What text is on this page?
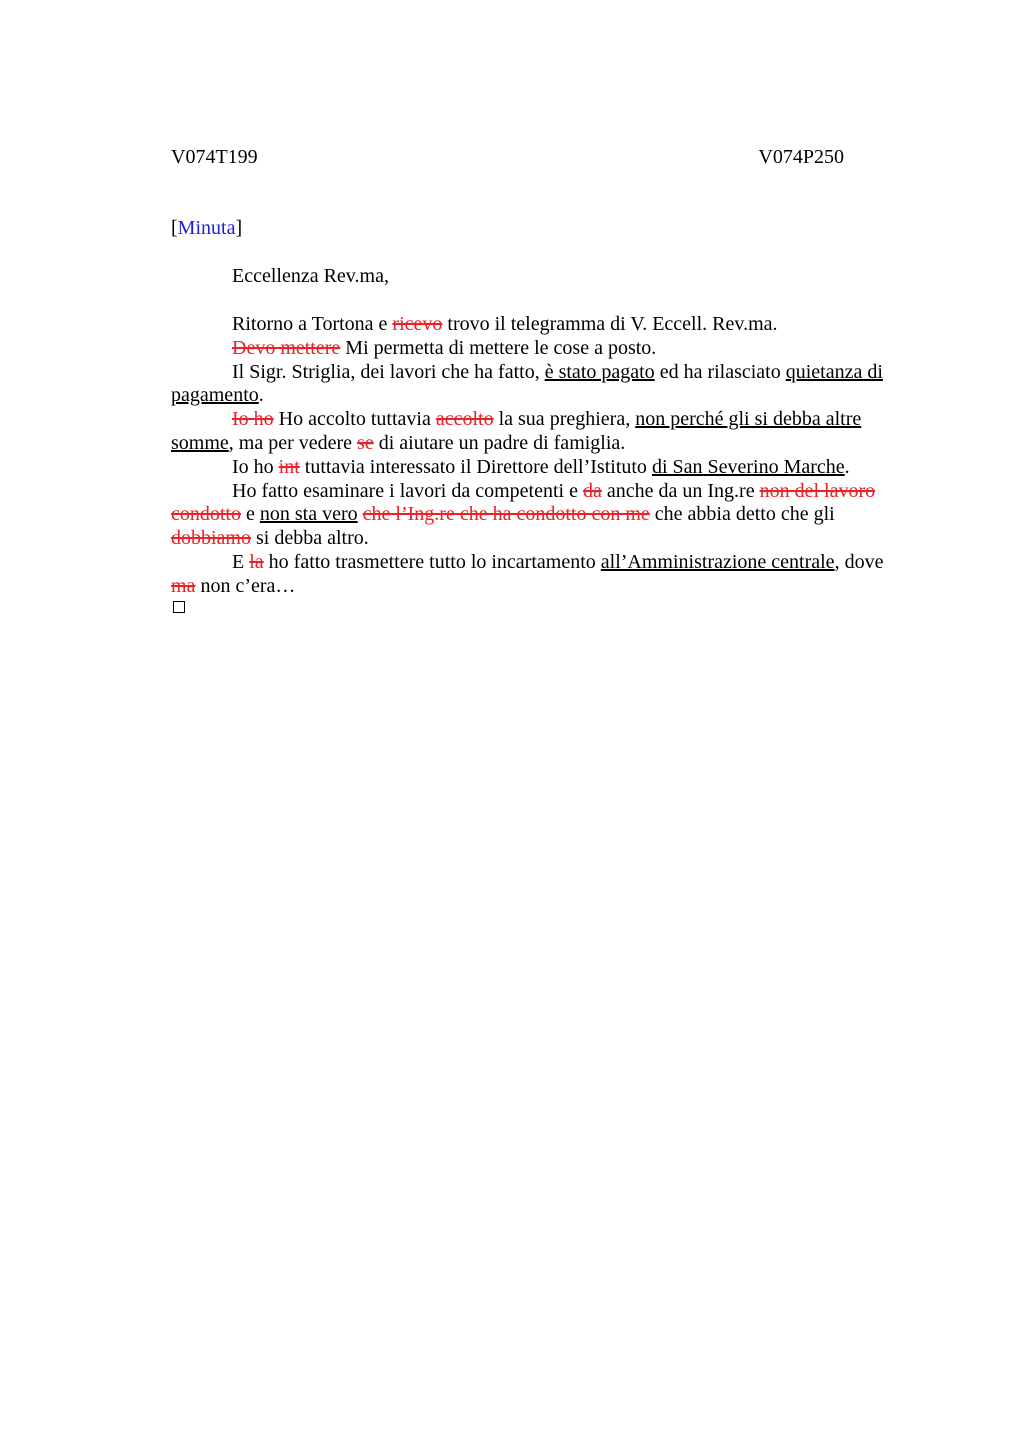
V074T199	V074P250
[Minuta]
Eccellenza Rev.ma,

Ritorno a Tortona e ricevo trovo il telegramma di V. Eccell. Rev.ma.

Devo mettere Mi permetta di mettere le cose a posto.

Il Sigr. Striglia, dei lavori che ha fatto, è stato pagato ed ha rilasciato quietanza di pagamento.

Io ho Ho accolto tuttavia accolto la sua preghiera, non perché gli si debba altre somme, ma per vedere se di aiutare un padre di famiglia.

Io ho int tuttavia interessato il Direttore dell’Istituto di San Severino Marche.

Ho fatto esaminare i lavori da competenti e da anche da un Ing.re non del lavoro condotto e non sta vero che l’Ing.re che ha condotto con me che abbia detto che gli dobbiamo si debba altro.

E la ho fatto trasmettere tutto lo incartamento all’Amministrazione centrale, dove ma non c’era…
